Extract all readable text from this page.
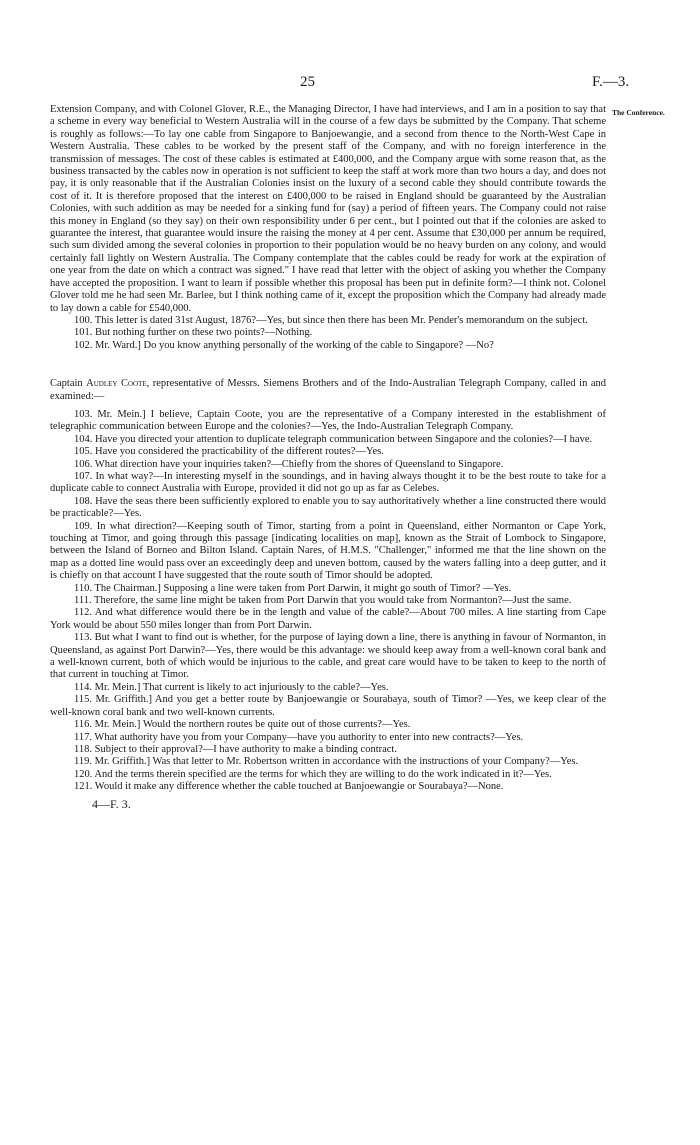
25	F.—3.
The Conference.

Extension Company, and with Colonel Glover, R.E., the Managing Director, I have had interviews, and I am in a position to say that a scheme in every way beneficial to Western Australia will in the course of a few days be submitted by the Company. That scheme is roughly as follows:—To lay one cable from Singapore to Banjoewangie, and a second from thence to the North-West Cape in Western Australia. These cables to be worked by the present staff of the Company, and with no foreign interference in the transmission of messages. The cost of these cables is estimated at £400,000, and the Company argue with some reason that, as the business transacted by the cables now in operation is not sufficient to keep the staff at work more than two hours a day, and does not pay, it is only reasonable that if the Australian Colonies insist on the luxury of a second cable they should contribute towards the cost of it. It is therefore proposed that the interest on £400,000 to be raised in England should be guaranteed by the Australian Colonies, with such addition as may be needed for a sinking fund for (say) a period of fifteen years. The Company could not raise this money in England (so they say) on their own responsibility under 6 per cent., but I pointed out that if the colonies are asked to guarantee the interest, that guarantee would insure the raising the money at 4 per cent. Assume that £30,000 per annum be required, such sum divided among the several colonies in proportion to their population would be no heavy burden on any colony, and would certainly fall lightly on Western Australia. The Company contemplate that the cables could be ready for work at the expiration of one year from the date on which a contract was signed." I have read that letter with the object of asking you whether the Company have accepted the proposition. I want to learn if possible whether this proposal has been put in definite form?—I think not. Colonel Glover told me he had seen Mr. Barlee, but I think nothing came of it, except the proposition which the Company had already made to lay down a cable for £540,000.

100. This letter is dated 31st August, 1876?—Yes, but since then there has been Mr. Pender's memorandum on the subject.

101. But nothing further on these two points?—Nothing.

102. Mr. Ward.] Do you know anything personally of the working of the cable to Singapore? —No?

Captain Audley Coote, representative of Messrs. Siemens Brothers and of the Indo-Australian Telegraph Company, called in and examined:—

103. Mr. Mein.] I believe, Captain Coote, you are the representative of a Company interested in the establishment of telegraphic communication between Europe and the colonies?—Yes, the Indo-Australian Telegraph Company.

104. Have you directed your attention to duplicate telegraph communication between Singapore and the colonies?—I have.

105. Have you considered the practicability of the different routes?—Yes.

106. What direction have your inquiries taken?—Chiefly from the shores of Queensland to Singapore.

107. In what way?—In interesting myself in the soundings, and in having always thought it to be the best route to take for a duplicate cable to connect Australia with Europe, provided it did not go up as far as Celebes.

108. Have the seas there been sufficiently explored to enable you to say authoritatively whether a line constructed there would be practicable?—Yes.

109. In what direction?—Keeping south of Timor, starting from a point in Queensland, either Normanton or Cape York, touching at Timor, and going through this passage [indicating localities on map], known as the Strait of Lombock to Singapore, between the Island of Borneo and Bilton Island. Captain Nares, of H.M.S. "Challenger," informed me that the line shown on the map as a dotted line would pass over an exceedingly deep and uneven bottom, caused by the waters falling into a deep gutter, and it is chiefly on that account I have suggested that the route south of Timor should be adopted.

110. The Chairman.] Supposing a line were taken from Port Darwin, it might go south of Timor? —Yes.

111. Therefore, the same line might be taken from Port Darwin that you would take from Normanton?—Just the same.

112. And what difference would there be in the length and value of the cable?—About 700 miles. A line starting from Cape York would be about 550 miles longer than from Port Darwin.

113. But what I want to find out is whether, for the purpose of laying down a line, there is anything in favour of Normanton, in Queensland, as against Port Darwin?—Yes, there would be this advantage: we should keep away from a well-known coral bank and a well-known current, both of which would be injurious to the cable, and great care would have to be taken to keep to the north of that current in touching at Timor.

114. Mr. Mein.] That current is likely to act injuriously to the cable?—Yes.

115. Mr. Griffith.] And you get a better route by Banjoewangie or Sourabaya, south of Timor? —Yes, we keep clear of the well-known coral bank and two well-known currents.

116. Mr. Mein.] Would the northern routes be quite out of those currents?—Yes.

117. What authority have you from your Company—have you authority to enter into new contracts?—Yes.

118. Subject to their approval?—I have authority to make a binding contract.

119. Mr. Griffith.] Was that letter to Mr. Robertson written in accordance with the instructions of your Company?—Yes.

120. And the terms therein specified are the terms for which they are willing to do the work indicated in it?—Yes.

121. Would it make any difference whether the cable touched at Banjoewangie or Sourabaya?—None.

4—F. 3.
